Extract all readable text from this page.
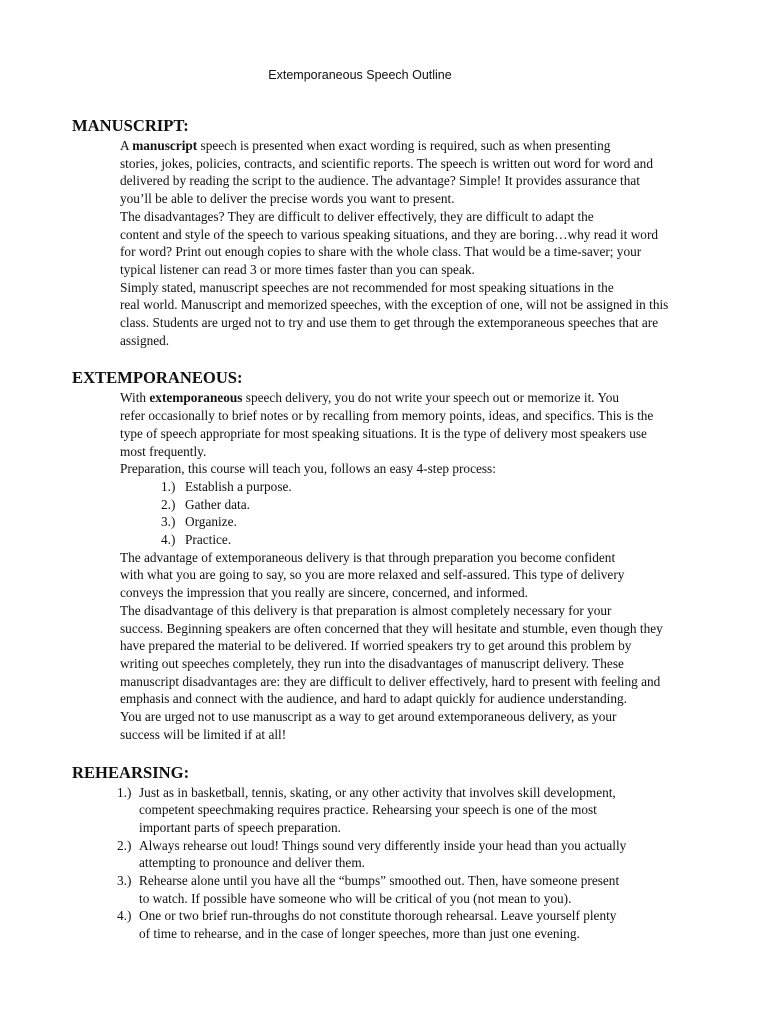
Extemporaneous Speech Outline
MANUSCRIPT:

A manuscript speech is presented when exact wording is required, such as when presenting
stories, jokes, policies, contracts, and scientific reports. The speech is written out word for word and
delivered by reading the script to the audience. The advantage? Simple! It provides assurance that
you’ll be able to deliver the precise words you want to present.

The disadvantages? They are difficult to deliver effectively, they are difficult to adapt the
content and style of the speech to various speaking situations, and they are boring…why read it word
for word? Print out enough copies to share with the whole class. That would be a time-saver; your
typical listener can read 3 or more times faster than you can speak.

Simply stated, manuscript speeches are not recommended for most speaking situations in the
real world. Manuscript and memorized speeches, with the exception of one, will not be assigned in this
class. Students are urged not to try and use them to get through the extemporaneous speeches that are
assigned.

EXTEMPORANEOUS:

With extemporaneous speech delivery, you do not write your speech out or memorize it. You
refer occasionally to brief notes or by recalling from memory points, ideas, and specifics. This is the
type of speech appropriate for most speaking situations. It is the type of delivery most speakers use
most frequently.

Preparation, this course will teach you, follows an easy 4-step process:

1.) Establish a purpose.
2.) Gather data.
3.) Organize.
4.) Practice.

The advantage of extemporaneous delivery is that through preparation you become confident
with what you are going to say, so you are more relaxed and self-assured. This type of delivery
conveys the impression that you really are sincere, concerned, and informed.

The disadvantage of this delivery is that preparation is almost completely necessary for your
success. Beginning speakers are often concerned that they will hesitate and stumble, even though they
have prepared the material to be delivered. If worried speakers try to get around this problem by
writing out speeches completely, they run into the disadvantages of manuscript delivery. These
manuscript disadvantages are: they are difficult to deliver effectively, hard to present with feeling and
emphasis and connect with the audience, and hard to adapt quickly for audience understanding.

You are urged not to use manuscript as a way to get around extemporaneous delivery, as your
success will be limited if at all!

REHEARSING:
1.) Just as in basketball, tennis, skating, or any other activity that involves skill development,
competent speechmaking requires practice. Rehearsing your speech is one of the most
important parts of speech preparation.
2.) Always rehearse out loud! Things sound very differently inside your head than you actually
attempting to pronounce and deliver them.
3.) Rehearse alone until you have all the “bumps” smoothed out. Then, have someone present
to watch. If possible have someone who will be critical of you (not mean to you).
4.) One or two brief run-throughs do not constitute thorough rehearsal. Leave yourself plenty
of time to rehearse, and in the case of longer speeches, more than just one evening.
